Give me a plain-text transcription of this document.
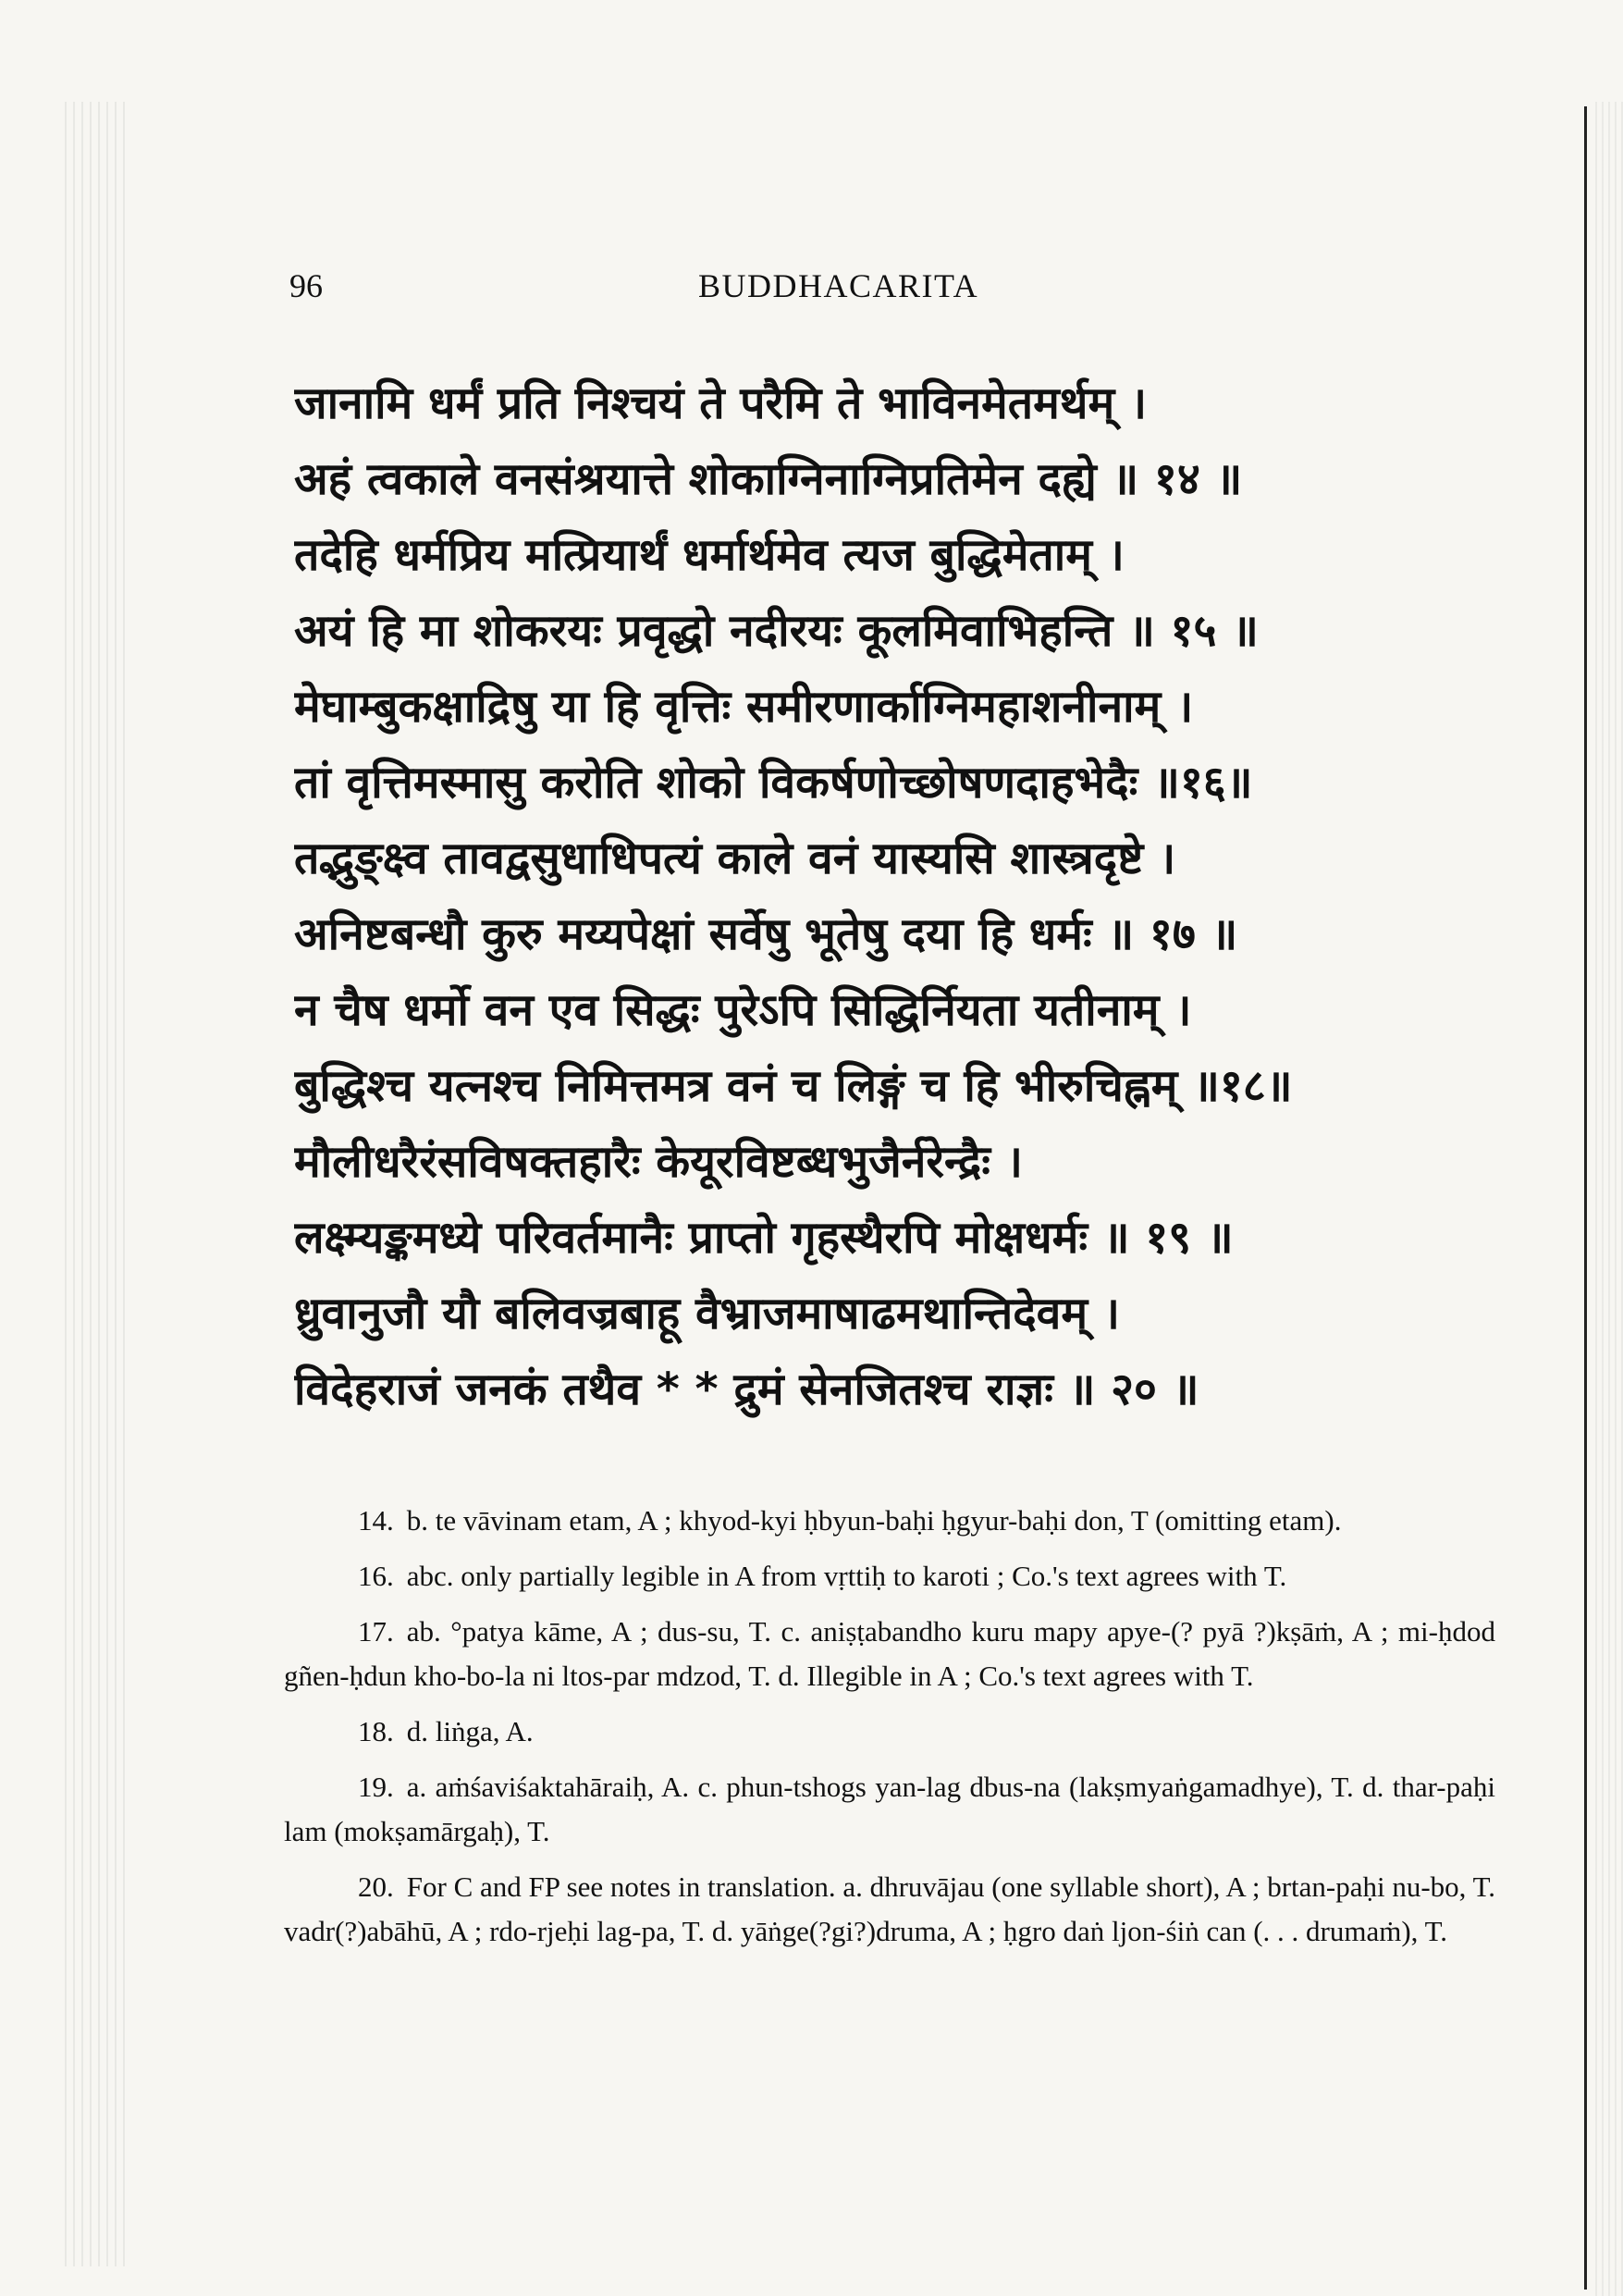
96	BUDDHACARITA
जानामि धर्मं प्रति निश्चयं ते परैमि ते भाविनमेतमर्थम् ।
अहं त्वकाले वनसंश्रयात्ते शोकाग्निनाग्निप्रतिमेन दह्ये ॥ १४ ॥
तदेहि धर्मप्रिय मत्प्रियार्थं धर्मार्थमेव त्यज बुद्धिमेताम् ।
अयं हि मा शोकरयः प्रवृद्धो नदीरयः कूलमिवाभिहन्ति ॥ १५ ॥
मेघाम्बुकक्षाद्रिषु या हि वृत्तिः समीरणार्काग्निमहाशनीनाम् ।
तां वृत्तिमस्मासु करोति शोको विकर्षणोच्छोषणदाहभेदैः ॥१६॥
तद्भुङ्क्ष्व तावद्वसुधाधिपत्यं काले वनं यास्यसि शास्त्रदृष्टे ।
अनिष्टबन्धौ कुरु मय्यपेक्षां सर्वेषु भूतेषु दया हि धर्मः ॥ १७ ॥
न चैष धर्मो वन एव सिद्धः पुरेऽपि सिद्धिर्नियता यतीनाम् ।
बुद्धिश्च यत्नश्च निमित्तमत्र वनं च लिङ्गं च हि भीरुचिह्नम् ॥१८॥
मौलीधरैरंसविषक्तहारैः केयूरविष्टब्धभुजैर्नरेन्द्रैः ।
लक्ष्म्यङ्कमध्ये परिवर्तमानैः प्राप्तो गृहस्थैरपि मोक्षधर्मः ॥ १९ ॥
ध्रुवानुजौ यौ बलिवज्रबाहू वैभ्राजमाषाढमथान्तिदेवम् ।
विदेहराजं जनकं तथैव * * द्रुमं सेनजितश्च राज्ञः ॥ २० ॥

14. b. te vāvinam etam, A ; khyod-kyi ḥbyun-baḥi ḥgyur-baḥi don, T (omitting etam).

16. abc. only partially legible in A from vṛttiḥ to karoti ; Co.'s text agrees with T.

17. ab. °patya kāme, A ; dus-su, T. c. aniṣṭabandho kuru mapy apye-(? pyā ?)kṣāṁ, A ; mi-ḥdod gñen-ḥdun kho-bo-la ni ltos-par mdzod, T. d. Illegible in A ; Co.'s text agrees with T.

18. d. liṅga, A.

19. a. aṁśaviśaktahāraiḥ, A. c. phun-tshogs yan-lag dbus-na (lakṣmyaṅgamadhye), T. d. thar-paḥi lam (mokṣamārgaḥ), T.

20. For C and FP see notes in translation. a. dhruvājau (one syllable short), A ; brtan-paḥi nu-bo, T. vadr(?)abāhū, A ; rdo-rjeḥi lag-pa, T. d. yāṅge(?gi?)druma, A ; ḥgro daṅ ljon-śiṅ can (. . . drumaṁ), T.
